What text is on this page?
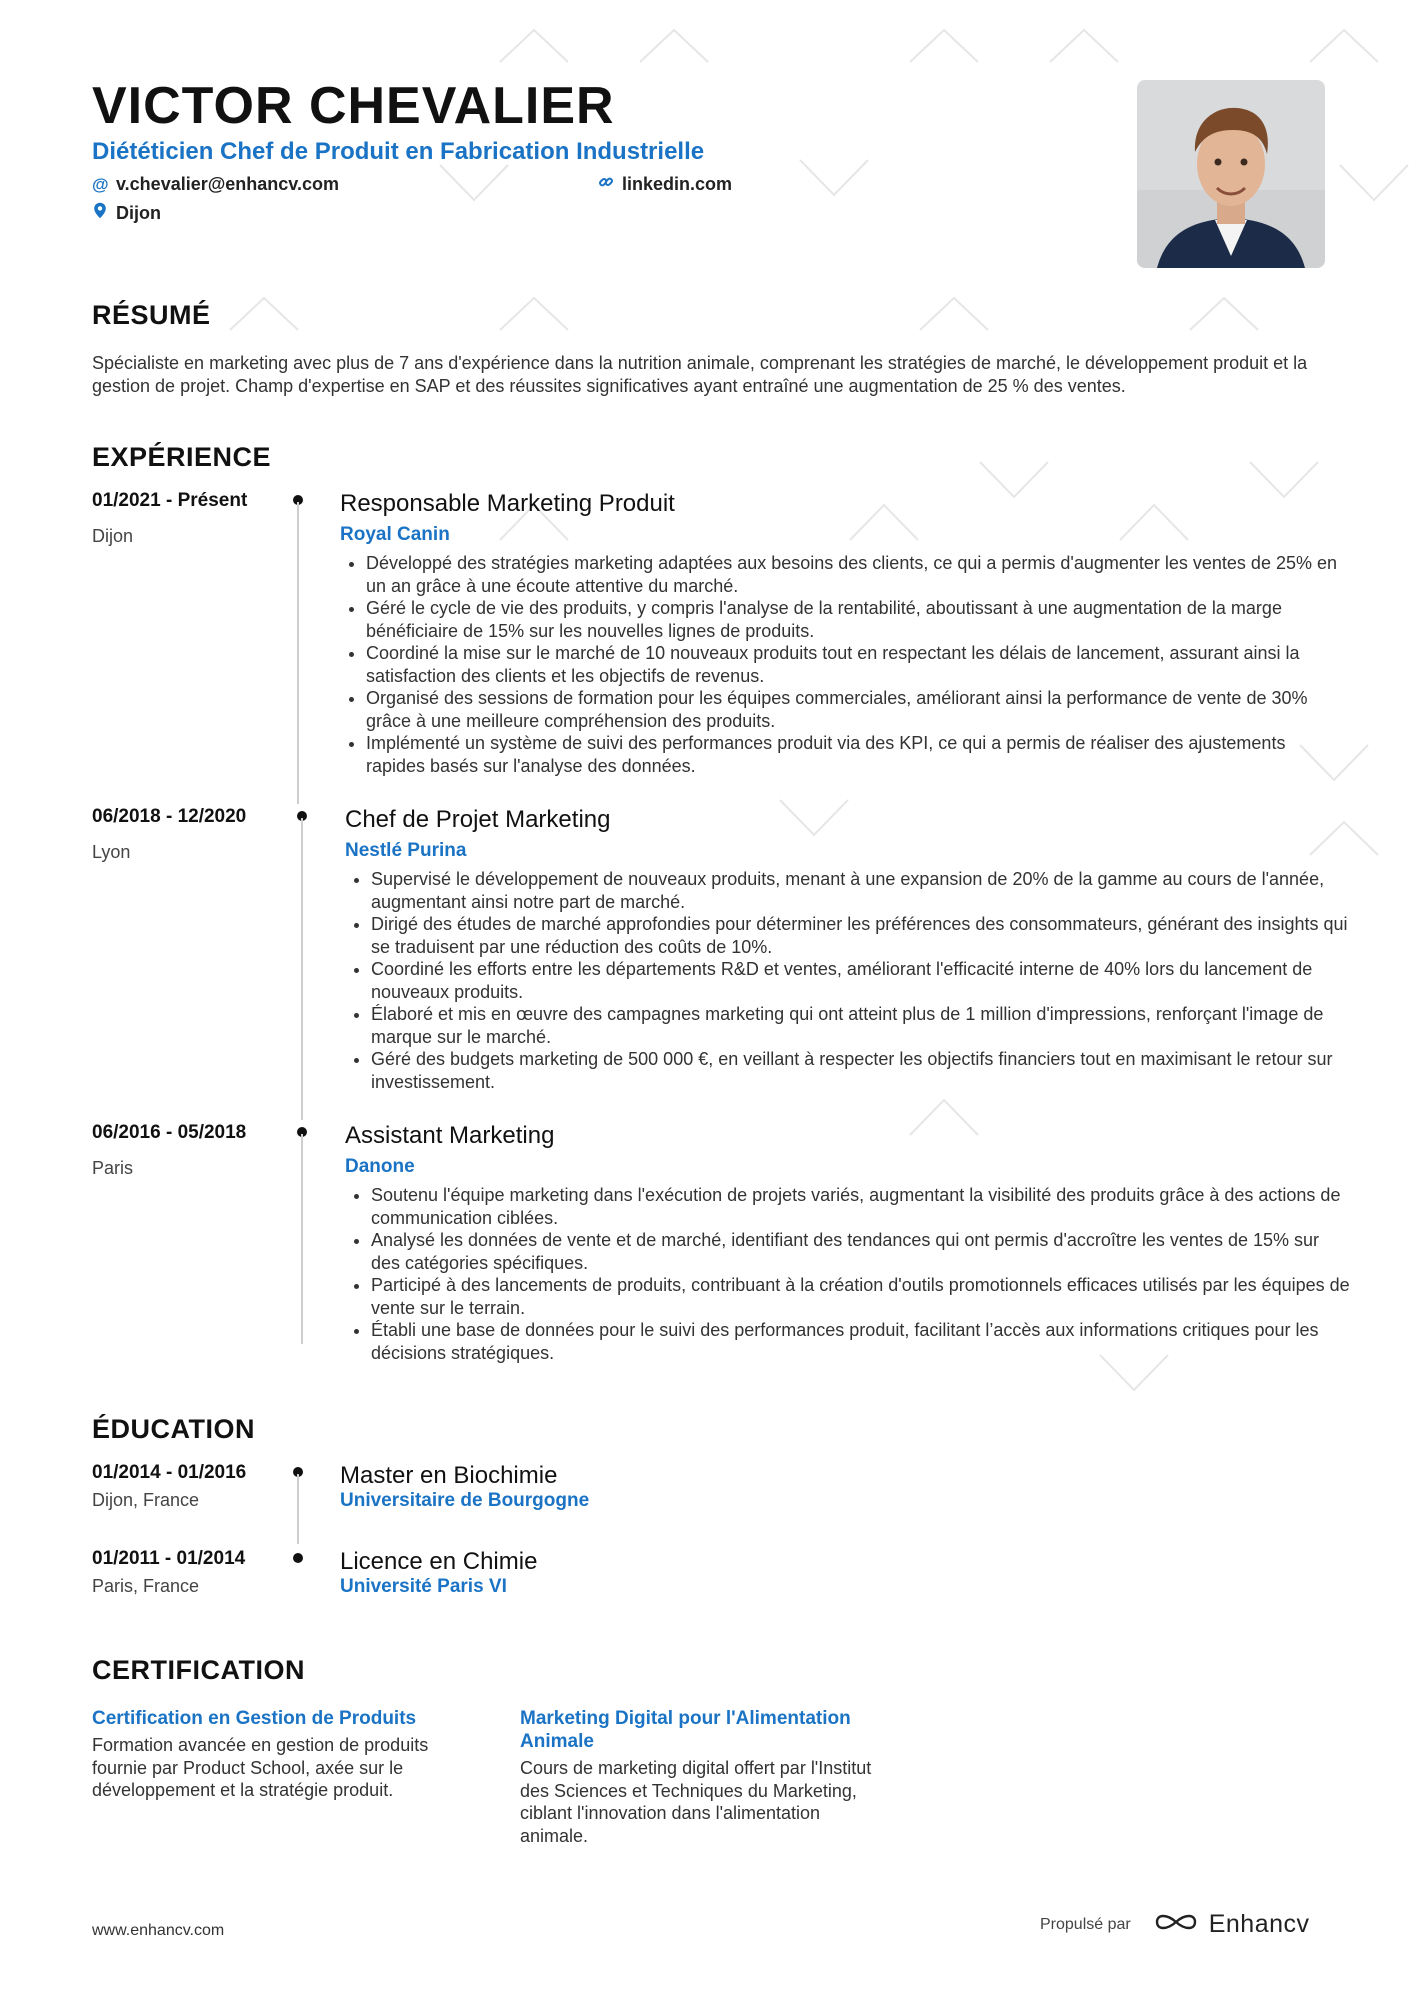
VICTOR CHEVALIER
Diététicien Chef de Produit en Fabrication Industrielle
@ v.chevalier@enhancv.com	linkedin.com
Dijon
RÉSUMÉ
Spécialiste en marketing avec plus de 7 ans d'expérience dans la nutrition animale, comprenant les stratégies de marché, le développement produit et la gestion de projet. Champ d'expertise en SAP et des réussites significatives ayant entraîné une augmentation de 25 % des ventes.
EXPÉRIENCE
01/2021 - Présent
Dijon
Responsable Marketing Produit
Royal Canin
• Développé des stratégies marketing adaptées aux besoins des clients, ce qui a permis d'augmenter les ventes de 25% en un an grâce à une écoute attentive du marché.
• Géré le cycle de vie des produits, y compris l'analyse de la rentabilité, aboutissant à une augmentation de la marge bénéficiaire de 15% sur les nouvelles lignes de produits.
• Coordiné la mise sur le marché de 10 nouveaux produits tout en respectant les délais de lancement, assurant ainsi la satisfaction des clients et les objectifs de revenus.
• Organisé des sessions de formation pour les équipes commerciales, améliorant ainsi la performance de vente de 30% grâce à une meilleure compréhension des produits.
• Implémenté un système de suivi des performances produit via des KPI, ce qui a permis de réaliser des ajustements rapides basés sur l'analyse des données.
06/2018 - 12/2020
Lyon
Chef de Projet Marketing
Nestlé Purina
• Supervisé le développement de nouveaux produits, menant à une expansion de 20% de la gamme au cours de l'année, augmentant ainsi notre part de marché.
• Dirigé des études de marché approfondies pour déterminer les préférences des consommateurs, générant des insights qui se traduisent par une réduction des coûts de 10%.
• Coordiné les efforts entre les départements R&D et ventes, améliorant l'efficacité interne de 40% lors du lancement de nouveaux produits.
• Élaboré et mis en œuvre des campagnes marketing qui ont atteint plus de 1 million d'impressions, renforçant l'image de marque sur le marché.
• Géré des budgets marketing de 500 000 €, en veillant à respecter les objectifs financiers tout en maximisant le retour sur investissement.
06/2016 - 05/2018
Paris
Assistant Marketing
Danone
• Soutenu l'équipe marketing dans l'exécution de projets variés, augmentant la visibilité des produits grâce à des actions de communication ciblées.
• Analysé les données de vente et de marché, identifiant des tendances qui ont permis d'accroître les ventes de 15% sur des catégories spécifiques.
• Participé à des lancements de produits, contribuant à la création d'outils promotionnels efficaces utilisés par les équipes de vente sur le terrain.
• Établi une base de données pour le suivi des performances produit, facilitant l’accès aux informations critiques pour les décisions stratégiques.
ÉDUCATION
01/2014 - 01/2016
Dijon, France
Master en Biochimie
Universitaire de Bourgogne
01/2011 - 01/2014
Paris, France
Licence en Chimie
Université Paris VI
CERTIFICATION
Certification en Gestion de Produits
Formation avancée en gestion de produits fournie par Product School, axée sur le développement et la stratégie produit.
Marketing Digital pour l'Alimentation Animale
Cours de marketing digital offert par l'Institut des Sciences et Techniques du Marketing, ciblant l'innovation dans l'alimentation animale.
www.enhancv.com	Propulsé par	Enhancv
